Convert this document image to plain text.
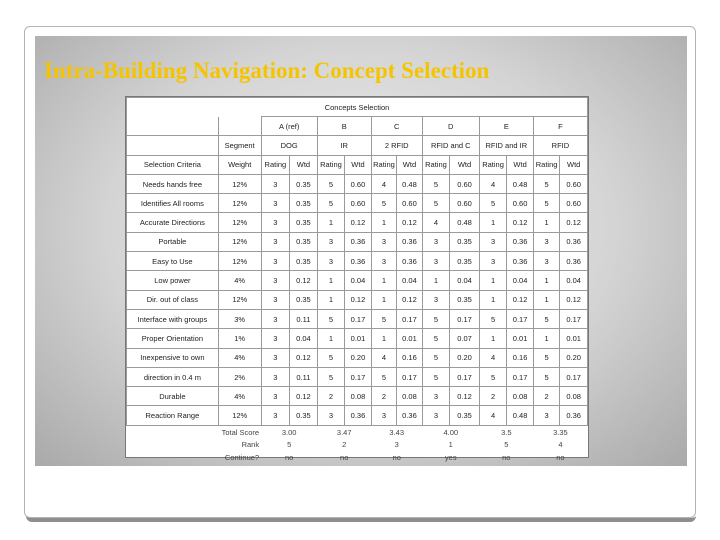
Intra-Building Navigation: Concept Selection
Concepts Selection													
		A (ref)		B		C		D		E		F	
	Segment	DOG		IR		2 RFID		RFID and C		RFID and IR		RFID	
Selection Criteria	Weight	Rating	Wtd	Rating	Wtd	Rating	Wtd	Rating	Wtd	Rating	Wtd	Rating	Wtd
Needs hands free	12%	3	0.35	5	0.60	4	0.48	5	0.60	4	0.48	5	0.60
Identifies All rooms	12%	3	0.35	5	0.60	5	0.60	5	0.60	5	0.60	5	0.60
Accurate Directions	12%	3	0.35	1	0.12	1	0.12	4	0.48	1	0.12	1	0.12
Portable	12%	3	0.35	3	0.36	3	0.36	3	0.35	3	0.36	3	0.36
Easy to Use	12%	3	0.35	3	0.36	3	0.36	3	0.35	3	0.36	3	0.36
Low power	4%	3	0.12	1	0.04	1	0.04	1	0.04	1	0.04	1	0.04
Dir. out of class	12%	3	0.35	1	0.12	1	0.12	3	0.35	1	0.12	1	0.12
Interface with groups	3%	3	0.11	5	0.17	5	0.17	5	0.17	5	0.17	5	0.17
Proper Orientation	1%	3	0.04	1	0.01	1	0.01	5	0.07	1	0.01	1	0.01
Inexpensive to own	4%	3	0.12	5	0.20	4	0.16	5	0.20	4	0.16	5	0.20
direction in 0.4 m	2%	3	0.11	5	0.17	5	0.17	5	0.17	5	0.17	5	0.17
Durable	4%	3	0.12	2	0.08	2	0.08	3	0.12	2	0.08	2	0.08
Reaction Range	12%	3	0.35	3	0.36	3	0.36	3	0.35	4	0.48	3	0.36
	Total Score	3.00		3.47		3.43		4.00		3.5		3.35	
	Rank	5		2		3		1		5		4	
	Continue?	no		no		no		yes		no		no	
